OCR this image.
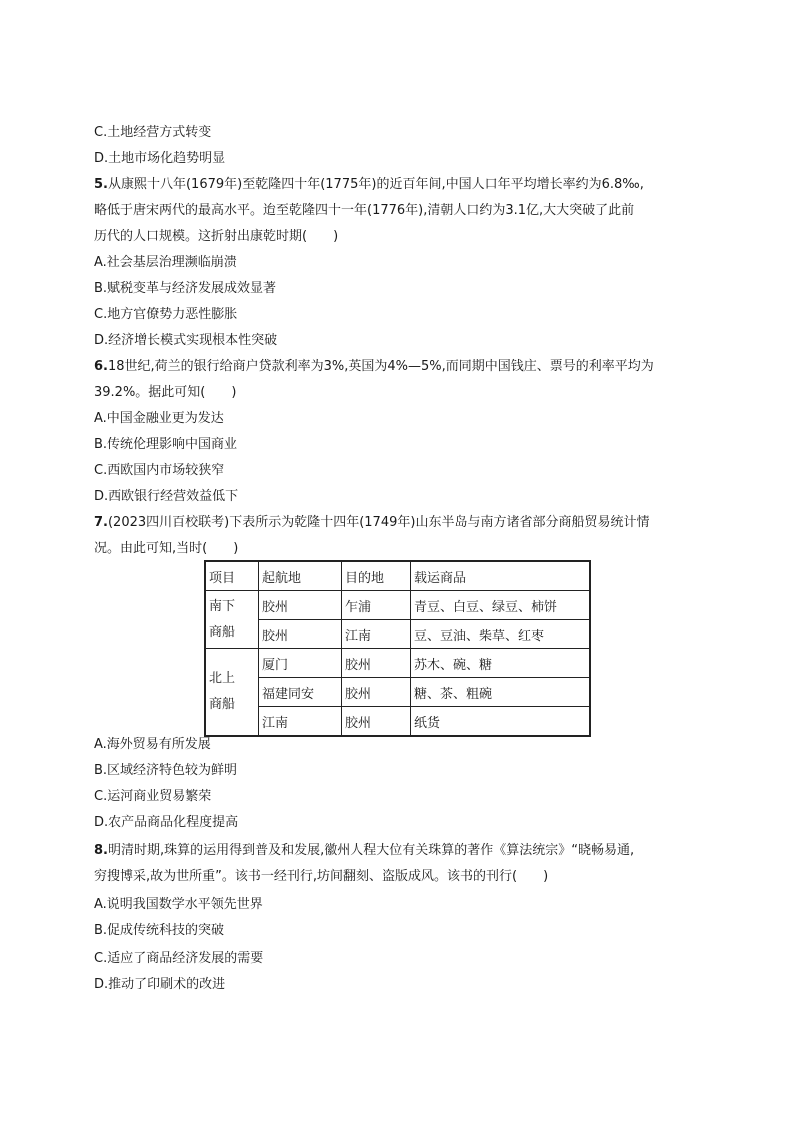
C.土地经营方式转变
D.土地市场化趋势明显
5.从康熙十八年(1679年)至乾隆四十年(1775年)的近百年间,中国人口年平均增长率约为6.8‰,
略低于唐宋两代的最高水平。迨至乾隆四十一年(1776年),清朝人口约为3.1亿,大大突破了此前
历代的人口规模。这折射出康乾时期(　　)
A.社会基层治理濒临崩溃
B.赋税变革与经济发展成效显著
C.地方官僚势力恶性膨胀
D.经济增长模式实现根本性突破
6.18世纪,荷兰的银行给商户贷款利率为3%,英国为4%—5%,而同期中国钱庄、票号的利率平均为
39.2%。据此可知(　　)
A.中国金融业更为发达
B.传统伦理影响中国商业
C.西欧国内市场较狭窄
D.西欧银行经营效益低下
7.(2023四川百校联考)下表所示为乾隆十四年(1749年)山东半岛与南方诸省部分商船贸易统计情
况。由此可知,当时(　　)
项目	起航地	目的地	载运商品
南下
商船	胶州	乍浦	青豆、白豆、绿豆、柿饼
	胶州	江南	豆、豆油、柴草、红枣
北上
商船	厦门	胶州	苏木、碗、糖
	福建同安	胶州	糖、茶、粗碗
	江南	胶州	纸货
A.海外贸易有所发展
B.区域经济特色较为鲜明
C.运河商业贸易繁荣
D.农产品商品化程度提高
8.明清时期,珠算的运用得到普及和发展,徽州人程大位有关珠算的著作《算法统宗》“晓畅易通,
穷搜博采,故为世所重”。该书一经刊行,坊间翻刻、盗版成风。该书的刊行(　　)
A.说明我国数学水平领先世界
B.促成传统科技的突破
C.适应了商品经济发展的需要
D.推动了印刷术的改进
